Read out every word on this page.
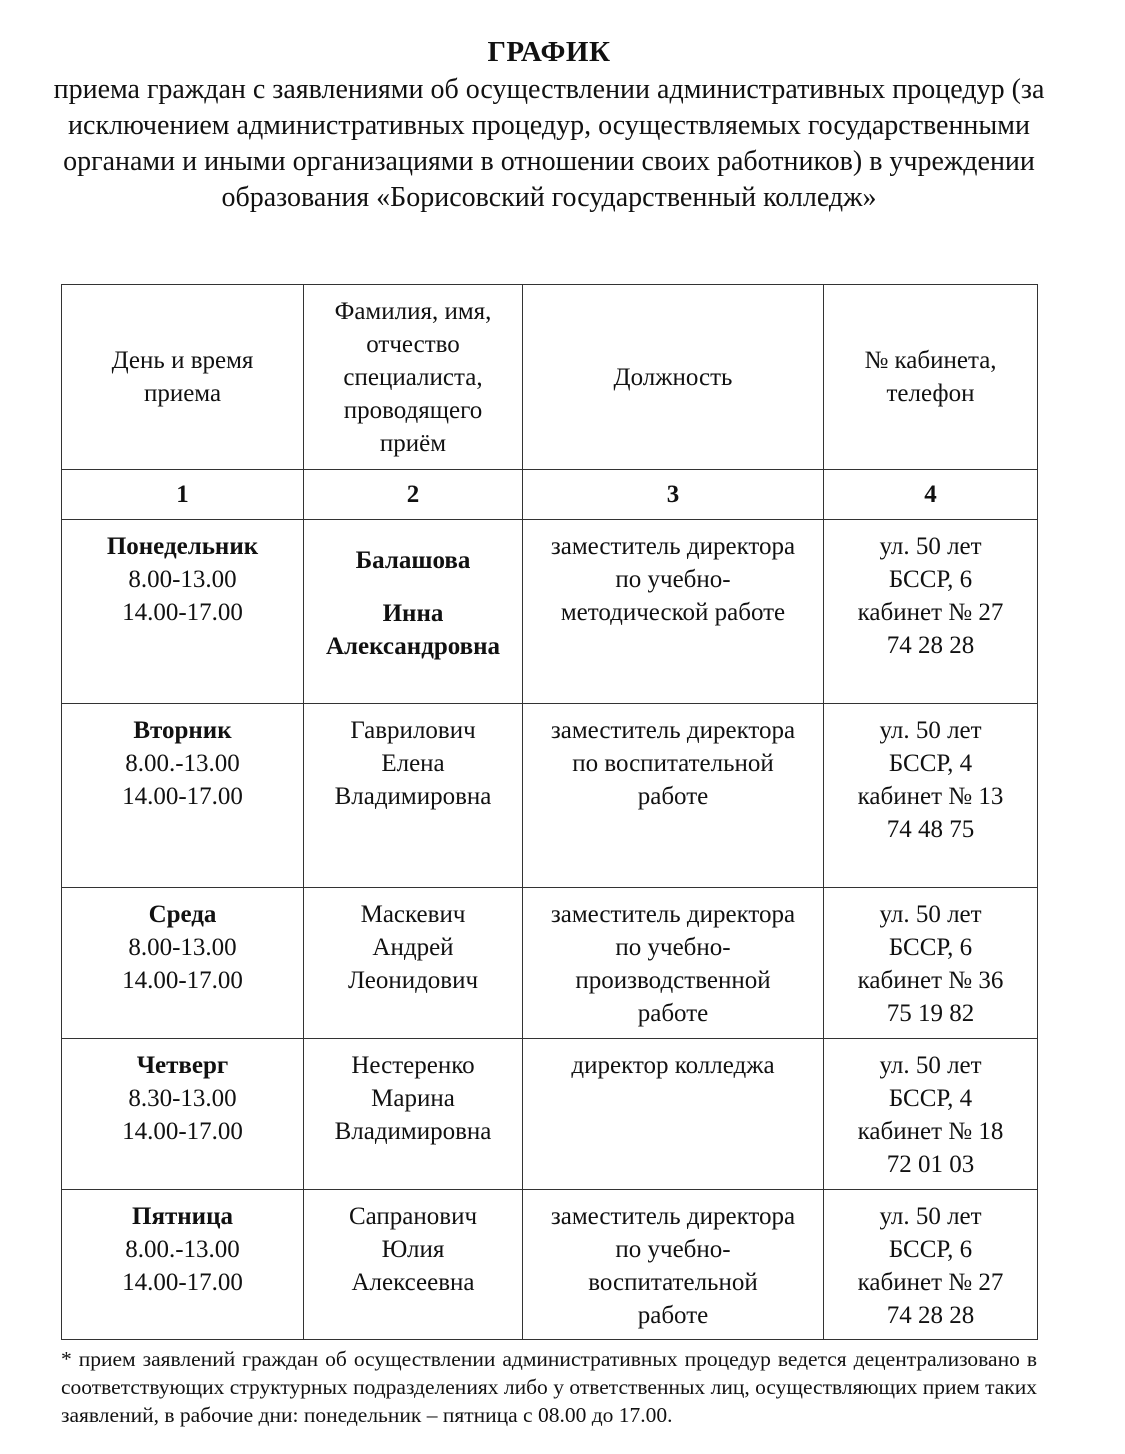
ГРАФИК
приема граждан с заявлениями об осуществлении административных процедур (за исключением административных процедур, осуществляемых государственными органами и иными организациями в отношении своих работников) в учреждении образования «Борисовский государственный колледж»
День и время
приема	Фамилия, имя,
отчество
специалиста,
проводящего
приём	Должность	№ кабинета,
телефон

1	2	3	4

Понедельник
8.00-13.00
14.00-17.00	Балашова
Инна
Александровна	заместитель директора
по учебно-
методической работе	ул. 50 лет
БССР, 6
кабинет № 27
74 28 28

Вторник
8.00.-13.00
14.00-17.00	Гаврилович
Елена
Владимировна	заместитель директора
по воспитательной
работе	ул. 50 лет
БССР, 4
кабинет № 13
74 48 75

Среда
8.00-13.00
14.00-17.00	Маскевич
Андрей
Леонидович	заместитель директора
по учебно-
производственной
работе	ул. 50 лет
БССР, 6
кабинет № 36
75 19 82

Четверг
8.30-13.00
14.00-17.00	Нестеренко
Марина
Владимировна	директор колледжа	ул. 50 лет
БССР, 4
кабинет № 18
72 01 03

Пятница
8.00.-13.00
14.00-17.00	Сапранович
Юлия
Алексеевна	заместитель директора
по учебно-
воспитательной
работе	ул. 50 лет
БССР, 6
кабинет № 27
74 28 28
* прием заявлений граждан об осуществлении административных процедур ведется децентрализовано в соответствующих структурных подразделениях либо у ответственных лиц, осуществляющих прием таких заявлений, в рабочие дни: понедельник – пятница с 08.00 до 17.00.
